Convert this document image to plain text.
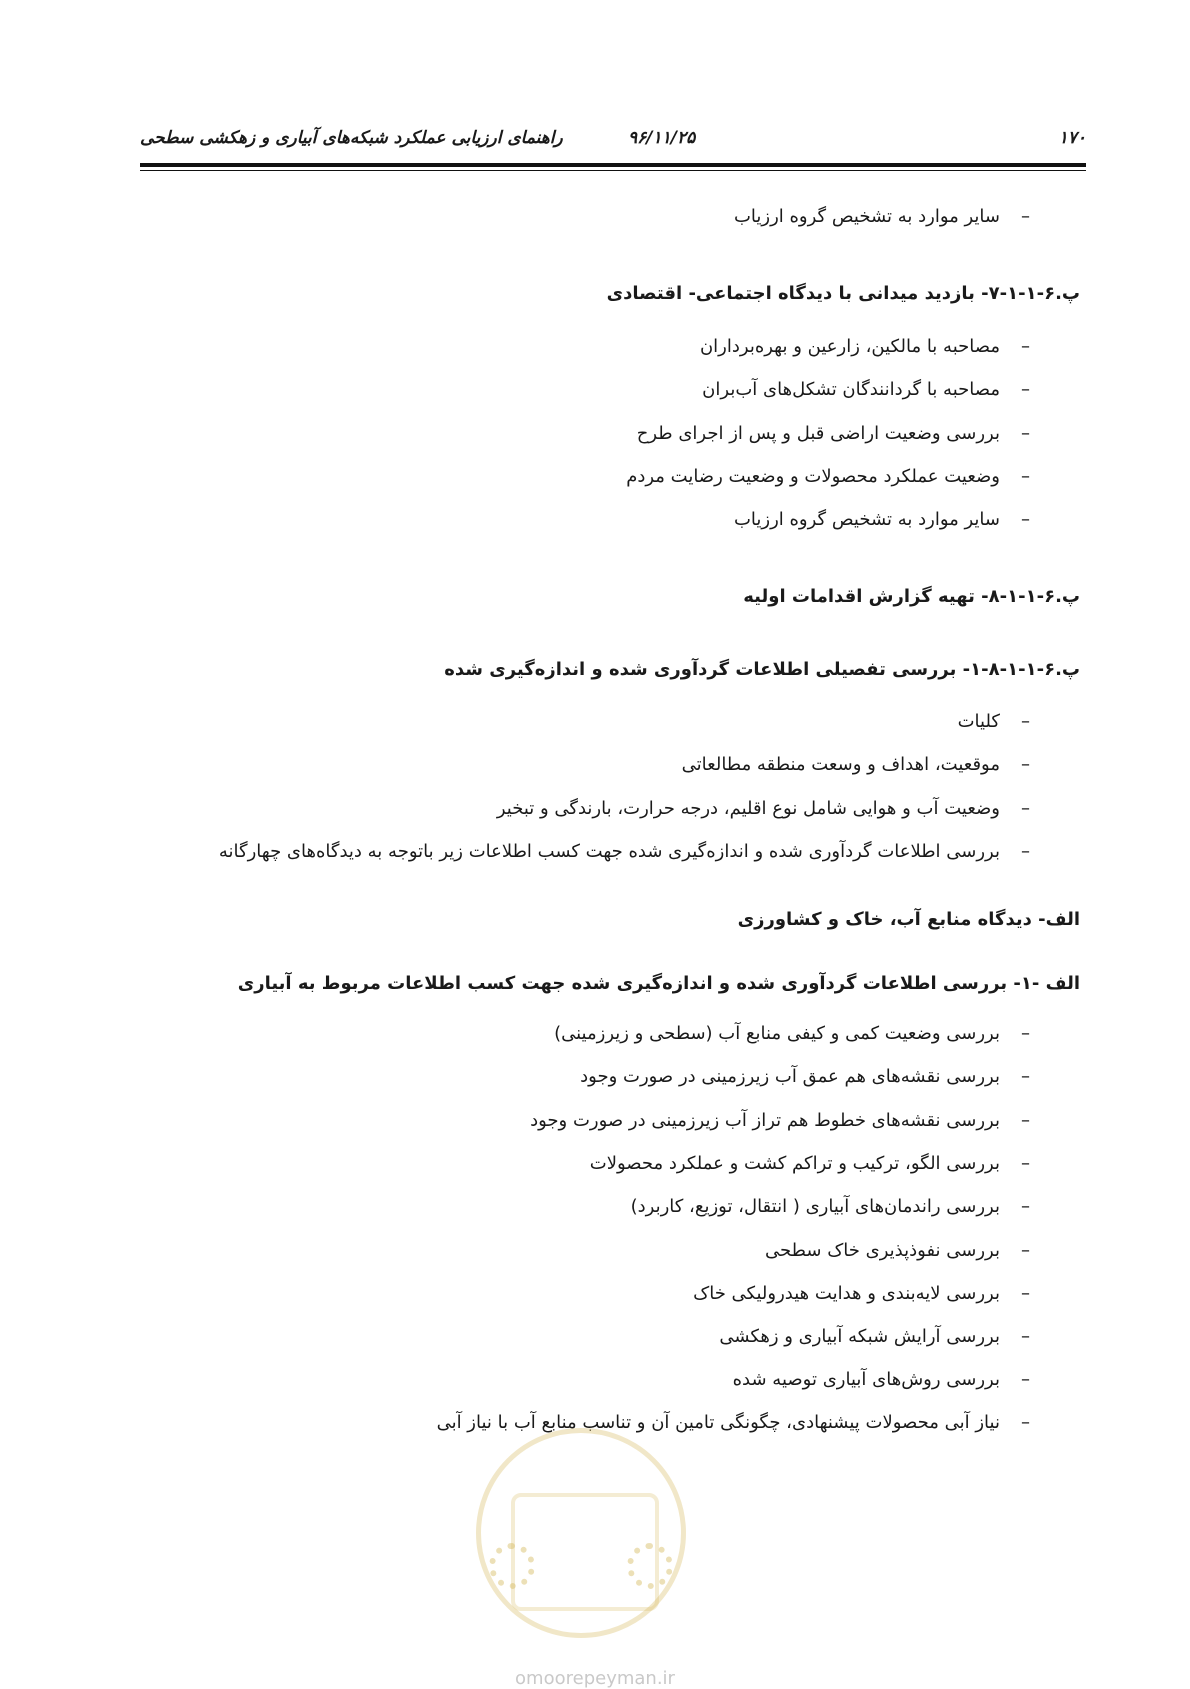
۱۷۰
۹۶/۱۱/۲۵
راهنمای ارزیابی عملکرد شبکه‌های آبیاری و زهکشی سطحی
–سایر موارد به تشخیص گروه ارزیاب
پ.۶-۱-۱-۷- بازدید میدانی با دیدگاه اجتماعی- اقتصادی
–مصاحبه با مالکین، زارعین و بهره‌برداران
–مصاحبه با گردانندگان تشکل‌های آب‌بران
–بررسی وضعیت اراضی قبل و پس از اجرای طرح
–وضعیت عملکرد محصولات و وضعیت رضایت مردم
–سایر موارد به تشخیص گروه ارزیاب
پ.۶-۱-۱-۸- تهیه گزارش اقدامات اولیه
پ.۶-۱-۱-۸-۱- بررسی تفصیلی اطلاعات گردآوری شده و اندازه‌گیری شده
–کلیات
–موقعیت، اهداف و وسعت منطقه مطالعاتی
–وضعیت آب و هوایی شامل نوع اقلیم، درجه حرارت، بارندگی و تبخیر
–بررسی اطلاعات گردآوری شده و اندازه‌گیری شده جهت کسب اطلاعات زیر باتوجه به دیدگاه‌های چهارگانه
الف- دیدگاه منابع آب، خاک و کشاورزی
الف -۱- بررسی اطلاعات گردآوری شده و اندازه‌گیری شده جهت کسب اطلاعات مربوط به آبیاری
–بررسی وضعیت کمی و کیفی منابع آب (سطحی و زیرزمینی)
–بررسی نقشه‌های هم عمق آب زیرزمینی در صورت وجود
–بررسی نقشه‌های خطوط هم تراز آب زیرزمینی در صورت وجود
–بررسی الگو، ترکیب و تراکم کشت و عملکرد محصولات
–بررسی راندمان‌های آبیاری ( انتقال، توزیع، کاربرد)
–بررسی نفوذپذیری خاک سطحی
–بررسی لایه‌بندی و هدایت هیدرولیکی خاک
–بررسی آرایش شبکه آبیاری و زهکشی
–بررسی روش‌های آبیاری توصیه شده
–نیاز آبی محصولات پیشنهادی، چگونگی تامین آن و تناسب منابع آب با نیاز آبی
omoorepeyman.ir
